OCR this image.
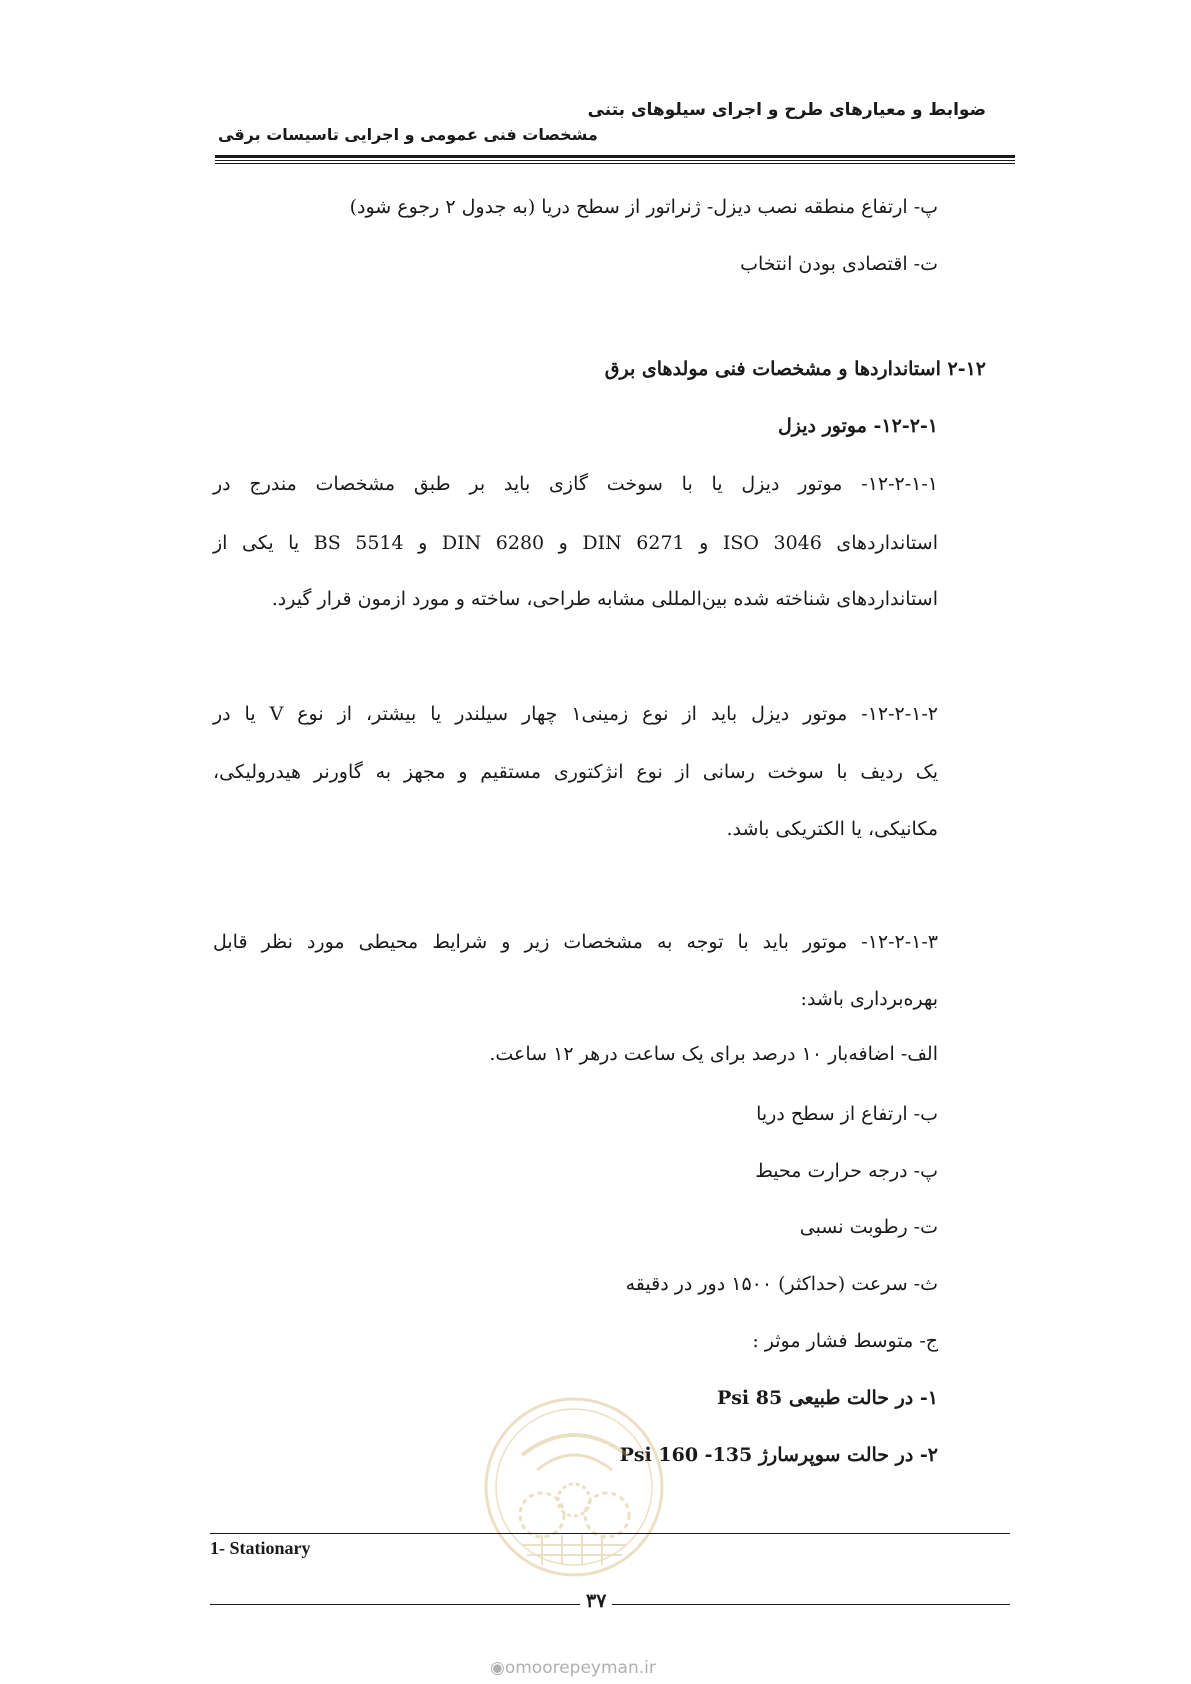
ضوابط و معیارهای طرح و اجرای سیلوهای بتنی
مشخصات فنی عمومی و اجرایی تاسیسات برقی
پ- ارتفاع منطقه نصب دیزل- ژنراتور از سطح دریا (به جدول ۲ رجوع شود)
ت- اقتصادی بودن انتخاب
۲-۱۲ استانداردها و مشخصات فنی مولدهای برق
۱۲-۲-۱- موتور دیزل
۱۲-۲-۱-۱- موتور دیزل یا با سوخت گازی باید بر طبق مشخصات مندرج در
استانداردهای ISO 3046 و DIN 6271 و DIN 6280 و BS 5514 یا یکی از
استانداردهای شناخته شده بین‌المللی مشابه طراحی، ساخته و مورد ازمون قرار گیرد.
۱۲-۲-۱-۲- موتور دیزل باید از نوع زمینی۱ چهار سیلندر یا بیشتر، از نوع V یا در
یک ردیف با سوخت رسانی از نوع انژکتوری مستقیم و مجهز به گاورنر هیدرولیکی،
مکانیکی، یا الکتریکی باشد.
۱۲-۲-۱-۳- موتور باید با توجه به مشخصات زیر و شرایط محیطی مورد نظر قابل
بهره‌برداری باشد:
الف- اضافه‌بار ۱۰ درصد برای یک ساعت درهر ۱۲ ساعت.
ب- ارتفاع از سطح دریا
پ- درجه حرارت محیط
ت- رطوبت نسبی
ث- سرعت (حداکثر) ۱۵۰۰ دور در دقیقه
ج- متوسط فشار موثر :
۱- در حالت طبیعی 85 Psi
۲- در حالت سوپرسارژ 135- 160 Psi
1- Stationary
۳۷
◉omoorepeyman.ir
